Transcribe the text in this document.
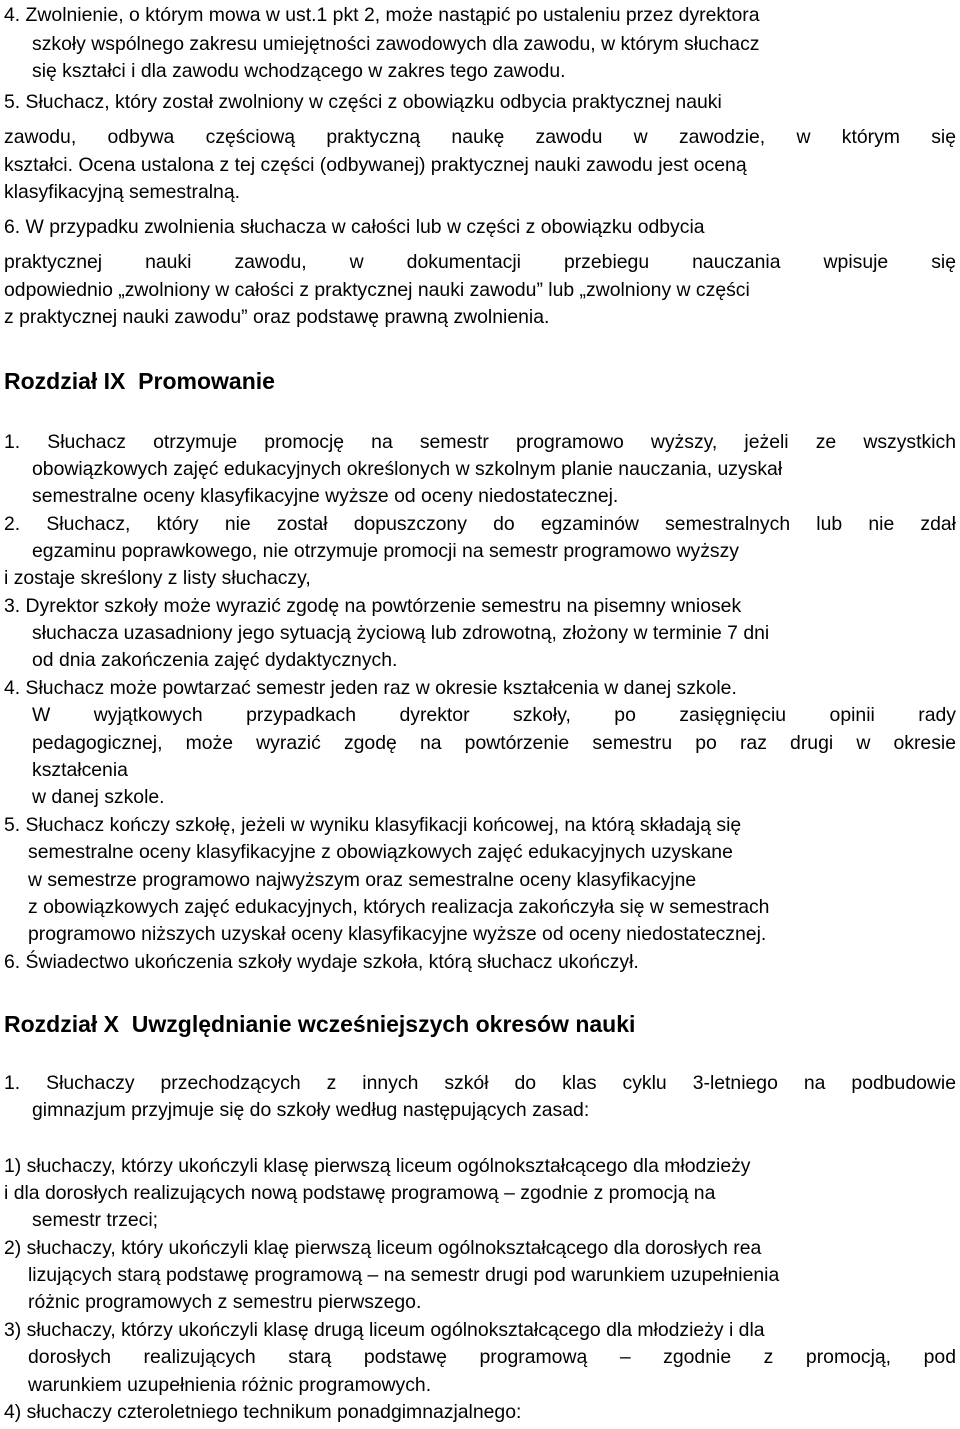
4. Zwolnienie, o którym mowa w ust.1 pkt 2, może nastąpić po ustaleniu przez dyrektora

szkoły wspólnego zakresu umiejętności zawodowych dla zawodu, w którym słuchacz

się kształci i dla zawodu wchodzącego w zakres tego zawodu.

5. Słuchacz, który został zwolniony w części z obowiązku odbycia praktycznej nauki

zawodu, odbywa częściową praktyczną naukę zawodu w zawodzie, w którym się

kształci. Ocena ustalona z tej części (odbywanej) praktycznej nauki zawodu jest oceną

klasyfikacyjną semestralną.

6. W przypadku zwolnienia słuchacza w całości lub w części z obowiązku odbycia

praktycznej nauki zawodu, w dokumentacji przebiegu nauczania wpisuje się

odpowiednio „zwolniony w całości z praktycznej nauki zawodu” lub „zwolniony w części

z praktycznej nauki zawodu” oraz podstawę prawną zwolnienia.

Rozdział IX  Promowanie

1. Słuchacz otrzymuje promocję na semestr programowo wyższy, jeżeli ze wszystkich

obowiązkowych zajęć edukacyjnych określonych w szkolnym planie nauczania, uzyskał

semestralne oceny klasyfikacyjne wyższe od oceny niedostatecznej.

2. Słuchacz, który nie został dopuszczony do egzaminów semestralnych lub nie zdał

egzaminu poprawkowego, nie otrzymuje promocji na semestr programowo wyższy

i zostaje skreślony z listy słuchaczy,

3. Dyrektor szkoły może wyrazić zgodę na powtórzenie semestru na pisemny wniosek

słuchacza uzasadniony jego sytuacją życiową lub zdrowotną, złożony w terminie 7 dni

od dnia zakończenia zajęć dydaktycznych.

4. Słuchacz może powtarzać semestr jeden raz w okresie kształcenia w danej szkole.

W wyjątkowych przypadkach dyrektor szkoły, po zasięgnięciu opinii rady

pedagogicznej, może wyrazić zgodę na powtórzenie semestru po raz drugi w okresie

kształcenia

w danej szkole.

5. Słuchacz kończy szkołę, jeżeli w wyniku klasyfikacji końcowej, na którą składają się

semestralne oceny klasyfikacyjne z obowiązkowych zajęć edukacyjnych uzyskane

w semestrze programowo najwyższym oraz semestralne oceny klasyfikacyjne

z obowiązkowych zajęć edukacyjnych, których realizacja zakończyła się w semestrach

programowo niższych uzyskał oceny klasyfikacyjne wyższe od oceny niedostatecznej.

6. Świadectwo ukończenia szkoły wydaje szkoła, którą słuchacz ukończył.

Rozdział X  Uwzględnianie wcześniejszych okresów nauki

1. Słuchaczy przechodzących z innych szkół do klas cyklu 3-letniego na podbudowie

gimnazjum przyjmuje się do szkoły według następujących zasad:

1) słuchaczy, którzy ukończyli klasę pierwszą liceum ogólnokształcącego dla młodzieży

i dla dorosłych realizujących nową podstawę programową – zgodnie z promocją na

semestr trzeci;

2) słuchaczy, który ukończyli klaę pierwszą liceum ogólnokształcącego dla dorosłych rea

lizujących starą podstawę programową – na semestr drugi pod warunkiem uzupełnienia

różnic programowych z semestru pierwszego.

3) słuchaczy, którzy ukończyli klasę drugą liceum ogólnokształcącego dla młodzieży i dla

dorosłych realizujących starą podstawę programową – zgodnie z promocją, pod

warunkiem uzupełnienia różnic programowych.

4) słuchaczy czteroletniego technikum ponadgimnazjalnego:
